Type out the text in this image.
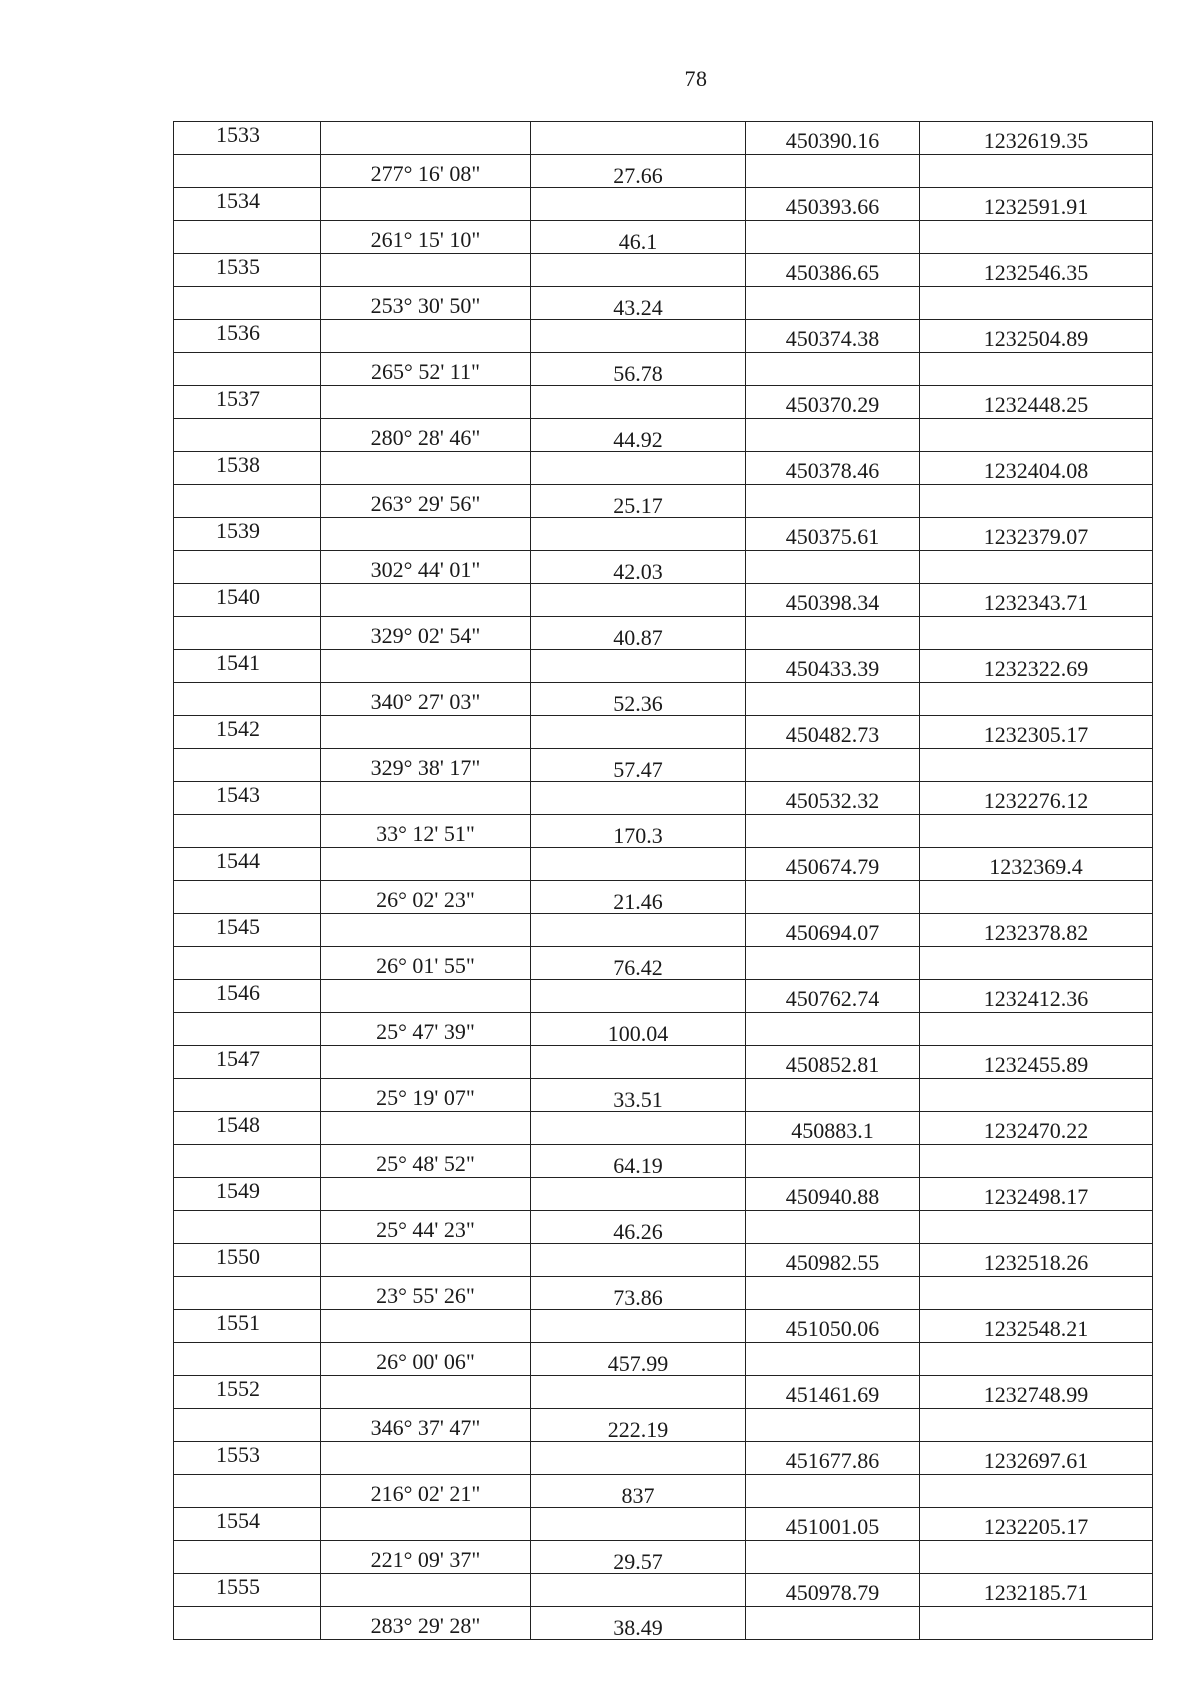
78
1533			450390.16	1232619.35
	277° 16' 08"	27.66		
1534			450393.66	1232591.91
	261° 15' 10"	46.1		
1535			450386.65	1232546.35
	253° 30' 50"	43.24		
1536			450374.38	1232504.89
	265° 52' 11"	56.78		
1537			450370.29	1232448.25
	280° 28' 46"	44.92		
1538			450378.46	1232404.08
	263° 29' 56"	25.17		
1539			450375.61	1232379.07
	302° 44' 01"	42.03		
1540			450398.34	1232343.71
	329° 02' 54"	40.87		
1541			450433.39	1232322.69
	340° 27' 03"	52.36		
1542			450482.73	1232305.17
	329° 38' 17"	57.47		
1543			450532.32	1232276.12
	33° 12' 51"	170.3		
1544			450674.79	1232369.4
	26° 02' 23"	21.46		
1545			450694.07	1232378.82
	26° 01' 55"	76.42		
1546			450762.74	1232412.36
	25° 47' 39"	100.04		
1547			450852.81	1232455.89
	25° 19' 07"	33.51		
1548			450883.1	1232470.22
	25° 48' 52"	64.19		
1549			450940.88	1232498.17
	25° 44' 23"	46.26		
1550			450982.55	1232518.26
	23° 55' 26"	73.86		
1551			451050.06	1232548.21
	26° 00' 06"	457.99		
1552			451461.69	1232748.99
	346° 37' 47"	222.19		
1553			451677.86	1232697.61
	216° 02' 21"	837		
1554			451001.05	1232205.17
	221° 09' 37"	29.57		
1555			450978.79	1232185.71
	283° 29' 28"	38.49		
